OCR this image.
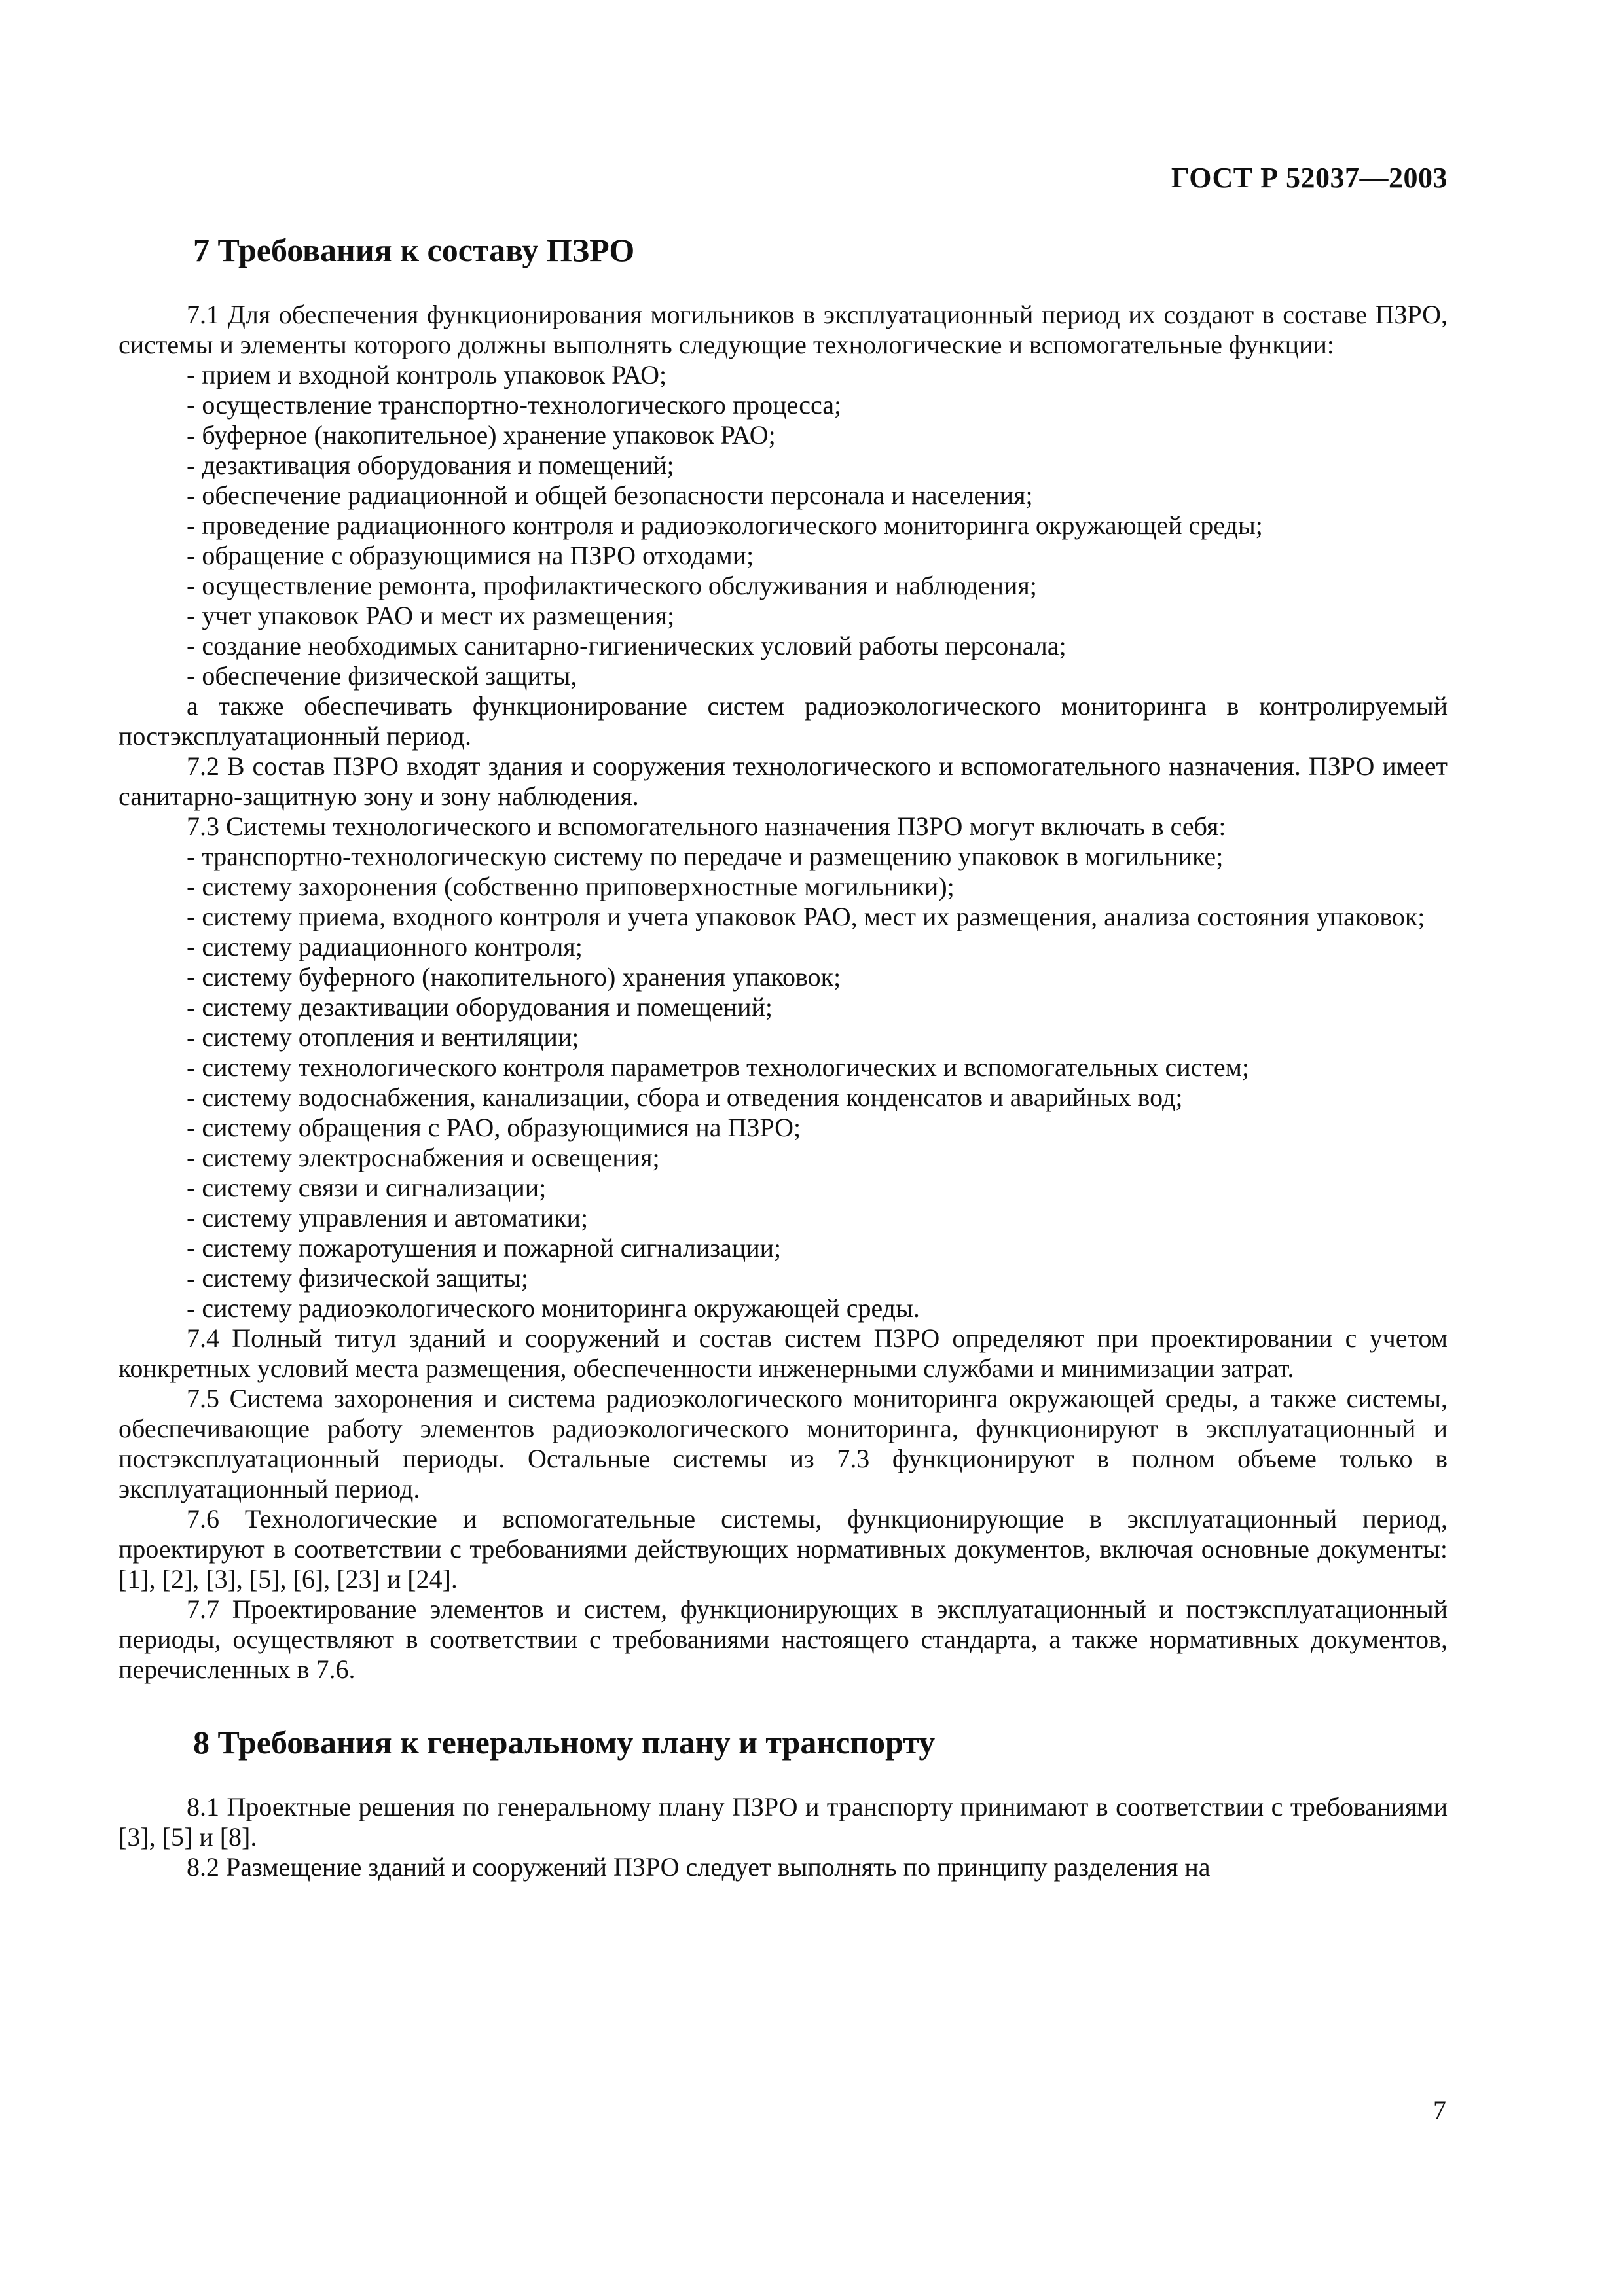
ГОСТ Р 52037—2003
7 Требования к составу ПЗРО

7.1 Для обеспечения функционирования могильников в эксплуатационный период их создают в составе ПЗРО, системы и элементы которого должны выполнять следующие технологические и вспомогательные функции:

- прием и входной контроль упаковок РАО;

- осуществление транспортно-технологического процесса;

- буферное (накопительное) хранение упаковок РАО;

- дезактивация оборудования и помещений;

- обеспечение радиационной и общей безопасности персонала и населения;

- проведение радиационного контроля и радиоэкологического мониторинга окружающей среды;

- обращение с образующимися на ПЗРО отходами;

- осуществление ремонта, профилактического обслуживания и наблюдения;

- учет упаковок РАО и мест их размещения;

- создание необходимых санитарно-гигиенических условий работы персонала;

- обеспечение физической защиты,

а также обеспечивать функционирование систем радиоэкологического мониторинга в контролируемый постэксплуатационный период.

7.2 В состав ПЗРО входят здания и сооружения технологического и вспомогательного назначения. ПЗРО имеет санитарно-защитную зону и зону наблюдения.

7.3 Системы технологического и вспомогательного назначения ПЗРО могут включать в себя:

- транспортно-технологическую систему по передаче и размещению упаковок в могильнике;

- систему захоронения (собственно приповерхностные могильники);

- систему приема, входного контроля и учета упаковок РАО, мест их размещения, анализа состояния упаковок;

- систему радиационного контроля;

- систему буферного (накопительного) хранения упаковок;

- систему дезактивации оборудования и помещений;

- систему отопления и вентиляции;

- систему технологического контроля параметров технологических и вспомогательных систем;

- систему водоснабжения, канализации, сбора и отведения конденсатов и аварийных вод;

- систему обращения с РАО, образующимися на ПЗРО;

- систему электроснабжения и освещения;

- систему связи и сигнализации;

- систему управления и автоматики;

- систему пожаротушения и пожарной сигнализации;

- систему физической защиты;

- систему радиоэкологического мониторинга окружающей среды.

7.4 Полный титул зданий и сооружений и состав систем ПЗРО определяют при проектировании с учетом конкретных условий места размещения, обеспеченности инженерными службами и минимизации затрат.

7.5 Система захоронения и система радиоэкологического мониторинга окружающей среды, а также системы, обеспечивающие работу элементов радиоэкологического мониторинга, функционируют в эксплуатационный и постэксплуатационный периоды. Остальные системы из 7.3 функционируют в полном объеме только в эксплуатационный период.

7.6 Технологические и вспомогательные системы, функционирующие в эксплуатационный период, проектируют в соответствии с требованиями действующих нормативных документов, включая основные документы: [1], [2], [3], [5], [6], [23] и [24].

7.7 Проектирование элементов и систем, функционирующих в эксплуатационный и постэксплуатационный периоды, осуществляют в соответствии с требованиями настоящего стандарта, а также нормативных документов, перечисленных в 7.6.

8 Требования к генеральному плану и транспорту

8.1 Проектные решения по генеральному плану ПЗРО и транспорту принимают в соответствии с требованиями [3], [5] и [8].

8.2 Размещение зданий и сооружений ПЗРО следует выполнять по принципу разделения на

7
